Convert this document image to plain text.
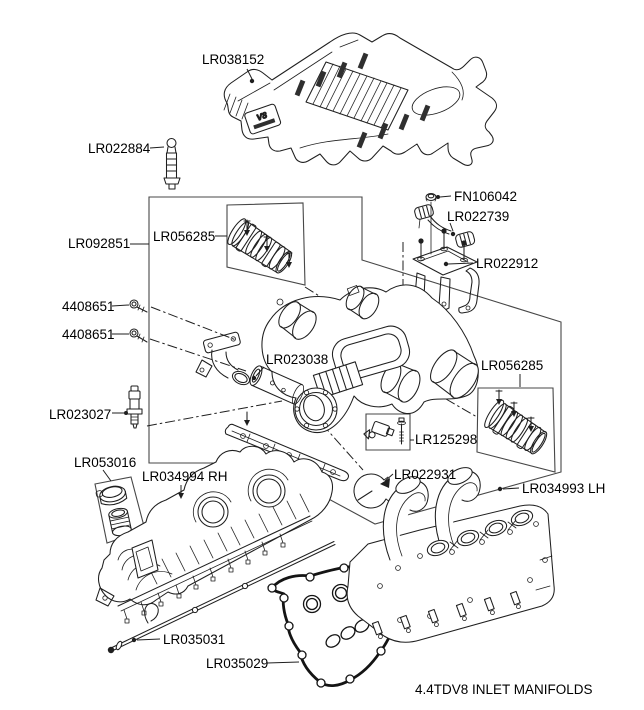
V8
LR038152
LR022884
FN106042
LR022739
LR022912
LR092851 LR056285
4408651
4408651
LR023027
LR023038	LR056285
LR125298
LR022931
LR034993 LH
LR053016
LR034994 RH
LR035031
LR035029
4.4TDV8 INLET MANIFOLDS
